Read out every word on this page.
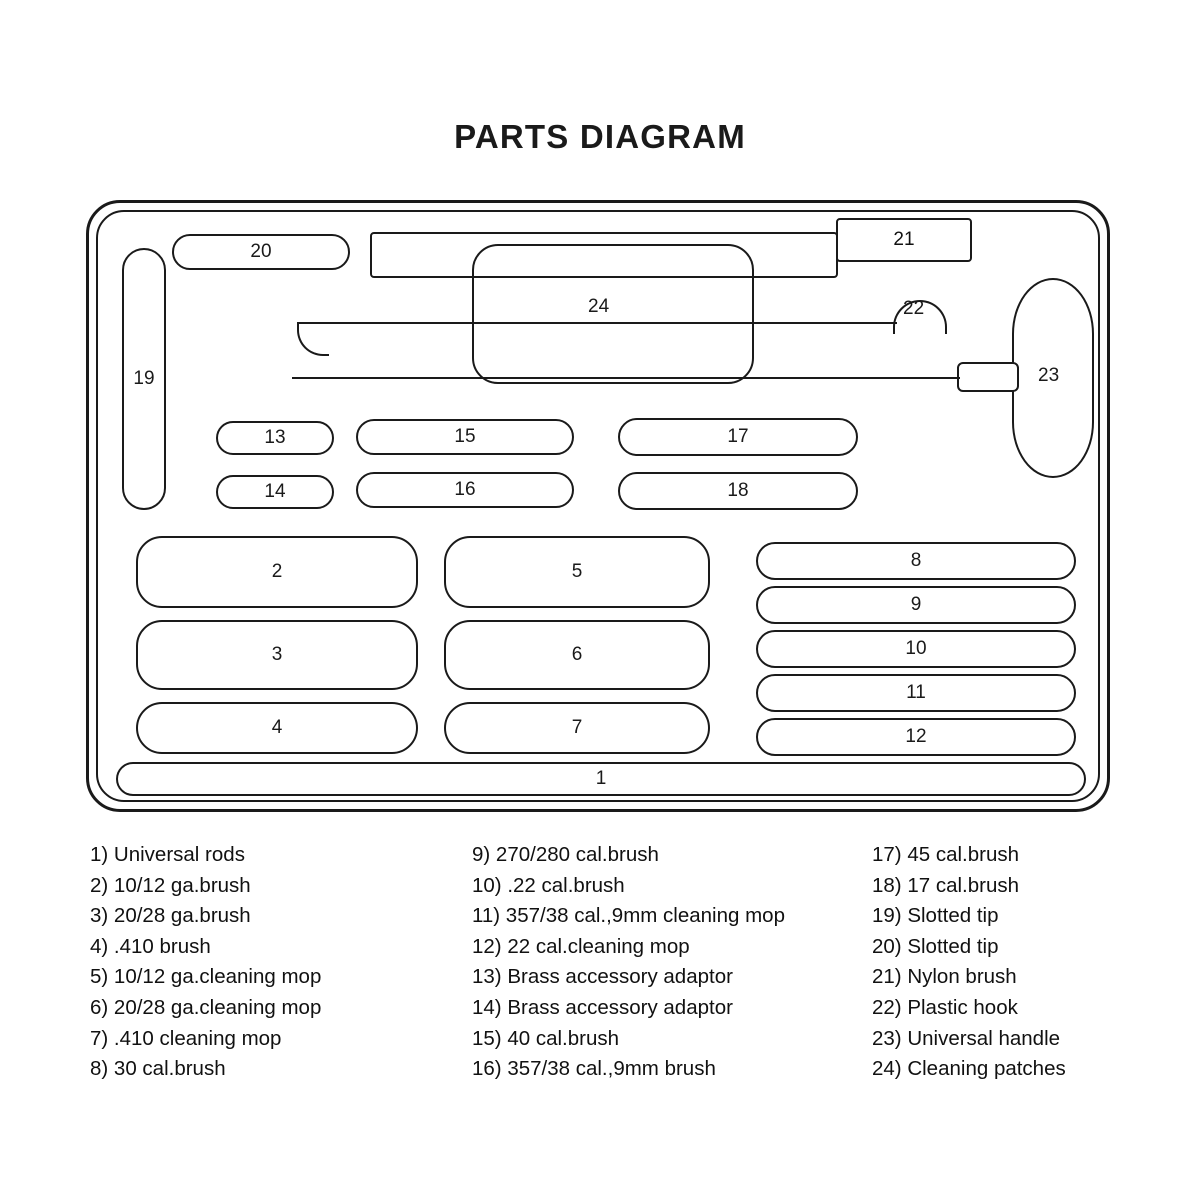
PARTS DIAGRAM
20
19
21
24	22
23
13
14
15
16
17
18
2
3
4
5
6
7
8
9
10
11
12
1
1) Universal rods
2) 10/12 ga.brush
3) 20/28 ga.brush
4) .410 brush
5) 10/12 ga.cleaning mop
6) 20/28 ga.cleaning mop
7) .410 cleaning mop
8) 30 cal.brush
9) 270/280 cal.brush
10) .22 cal.brush
11) 357/38 cal.,9mm cleaning mop
12) 22 cal.cleaning mop
13) Brass accessory adaptor
14) Brass accessory adaptor
15) 40 cal.brush
16) 357/38 cal.,9mm brush
17) 45 cal.brush
18) 17 cal.brush
19) Slotted tip
20) Slotted tip
21) Nylon brush
22) Plastic hook
23) Universal handle
24) Cleaning patches
